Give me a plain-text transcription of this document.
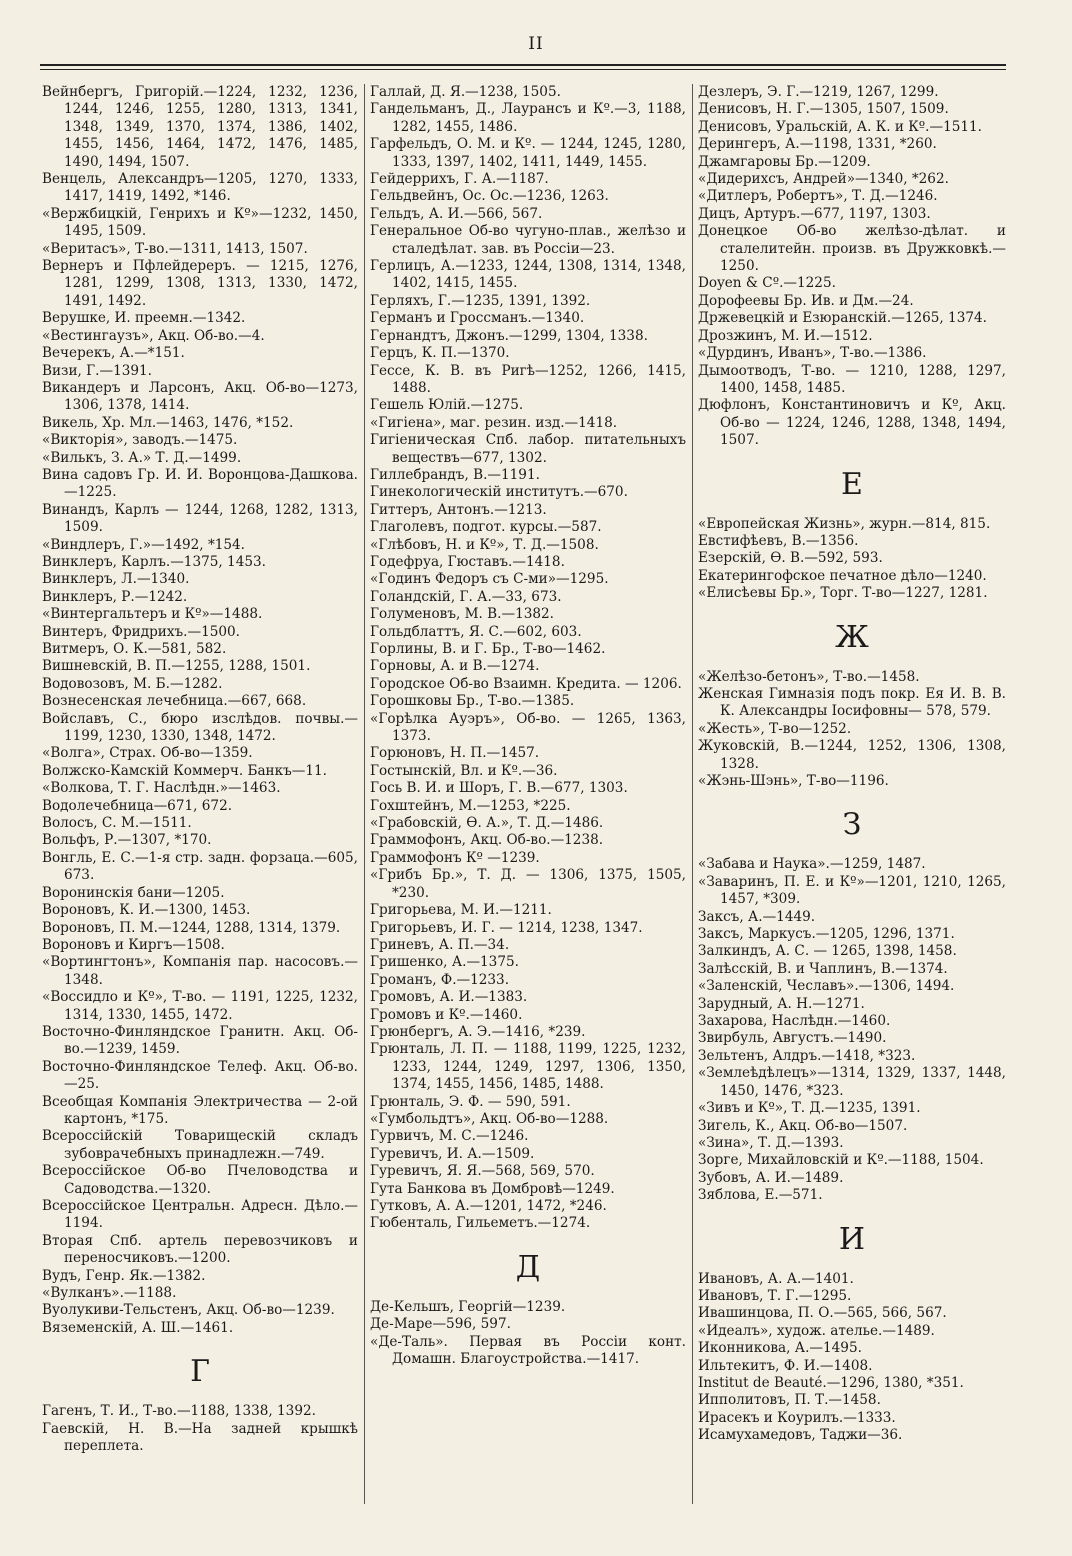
II
Вейнбергъ, Григорій.—1224, 1232, 1236, 1244, 1246, 1255, 1280, 1313, 1341, 1348, 1349, 1370, 1374, 1386, 1402, 1455, 1456, 1464, 1472, 1476, 1485, 1490, 1494, 1507.
Венцель, Александръ—1205, 1270, 1333, 1417, 1419, 1492, *146.
«Вержбицкій, Генрихъ и Кº»—1232, 1450, 1495, 1509.
«Веритасъ», Т-во.—1311, 1413, 1507.
Вернеръ и Пфлейдереръ. — 1215, 1276, 1281, 1299, 1308, 1313, 1330, 1472, 1491, 1492.
Верушке, И. преемн.—1342.
«Вестингаузъ», Акц. Об-во.—4.
Вечерекъ, А.—*151.
Визи, Г.—1391.
Викандеръ и Ларсонъ, Акц. Об-во—1273, 1306, 1378, 1414.
Викель, Хр. Мл.—1463, 1476, *152.
«Викторія», заводъ.—1475.
«Вилькъ, З. А.» Т. Д.—1499.
Вина садовъ Гр. И. И. Воронцова-Дашкова.—1225.
Винандъ, Карлъ — 1244, 1268, 1282, 1313, 1509.
«Виндлеръ, Г.»—1492, *154.
Винклеръ, Карлъ.—1375, 1453.
Винклеръ, Л.—1340.
Винклеръ, Р.—1242.
«Винтергальтеръ и Кº»—1488.
Винтеръ, Фридрихъ.—1500.
Витмеръ, О. К.—581, 582.
Вишневскій, В. П.—1255, 1288, 1501.
Водовозовъ, М. Б.—1282.
Вознесенская лечебница.—667, 668.
Войславъ, С., бюро изслѣдов. почвы.—1199, 1230, 1330, 1348, 1472.
«Волга», Страх. Об-во—1359.
Волжско-Камскій Коммерч. Банкъ—11.
«Волкова, Т. Г. Наслѣдн.»—1463.
Водолечебница—671, 672.
Волосъ, С. М.—1511.
Вольфъ, Р.—1307, *170.
Вонгль, Е. С.—1-я стр. задн. форзаца.—605, 673.
Воронинскія бани—1205.
Вороновъ, К. И.—1300, 1453.
Вороновъ, П. М.—1244, 1288, 1314, 1379.
Вороновъ и Киргъ—1508.
«Вортингтонъ», Компанія пар. насосовъ.—1348.
«Воссидло и Кº», Т-во. — 1191, 1225, 1232, 1314, 1330, 1455, 1472.
Восточно-Финляндское Гранитн. Акц. Об-во.—1239, 1459.
Восточно-Финляндское Телеф. Акц. Об-во.—25.
Всеобщая Компанія Электричества — 2-ой картонъ, *175.
Всероссійскій Товарищескій складъ зубоврачебныхъ принадлежн.—749.
Всероссійское Об-во Пчеловодства и Садоводства.—1320.
Всероссійское Центральн. Адресн. Дѣло.—1194.
Вторая Спб. артель перевозчиковъ и переносчиковъ.—1200.
Вудъ, Генр. Як.—1382.
«Вулканъ».—1188.
Вуолукиви-Тельстенъ, Акц. Об-во—1239.
Вяземенскій, А. Ш.—1461.
Г
Гагенъ, Т. И., Т-во.—1188, 1338, 1392.
Гаевскій, Н. В.—На задней крышкѣ переплета.
Галлай, Д. Я.—1238, 1505.
Гандельманъ, Д., Лаурансъ и Кº.—3, 1188, 1282, 1455, 1486.
Гарфельдъ, О. М. и Кº. — 1244, 1245, 1280, 1333, 1397, 1402, 1411, 1449, 1455.
Гейдеррихъ, Г. А.—1187.
Гельдвейнъ, Ос. Ос.—1236, 1263.
Гельдъ, А. И.—566, 567.
Генеральное Об-во чугуно-плав., желѣзо и сталедѣлат. зав. въ Россіи—23.
Герлицъ, А.—1233, 1244, 1308, 1314, 1348, 1402, 1415, 1455.
Герляхъ, Г.—1235, 1391, 1392.
Германъ и Гроссманъ.—1340.
Гернандтъ, Джонъ.—1299, 1304, 1338.
Герцъ, К. П.—1370.
Гессе, К. В. въ Ригѣ—1252, 1266, 1415, 1488.
Гешель Юлій.—1275.
«Гигіена», маг. резин. изд.—1418.
Гигіеническая Спб. лабор. питательныхъ веществъ—677, 1302.
Гиллебрандъ, В.—1191.
Гинекологическій институтъ.—670.
Гиттеръ, Антонъ.—1213.
Глаголевъ, подгот. курсы.—587.
«Глѣбовъ, Н. и Кº», Т. Д.—1508.
Годефруа, Гюставъ.—1418.
«Годинъ Федоръ съ С-ми»—1295.
Голандскій, Г. А.—33, 673.
Голуменовъ, М. В.—1382.
Гольдблаттъ, Я. С.—602, 603.
Горлины, В. и Г. Бр., Т-во—1462.
Горновы, А. и В.—1274.
Городское Об-во Взаимн. Кредита. — 1206.
Горошковы Бр., Т-во.—1385.
«Горѣлка Ауэръ», Об-во. — 1265, 1363, 1373.
Горюновъ, Н. П.—1457.
Гостынскій, Вл. и Кº.—36.
Гось В. И. и Шоръ, Г. В.—677, 1303.
Гохштейнъ, М.—1253, *225.
«Грабовскій, Ѳ. А.», Т. Д.—1486.
Граммофонъ, Акц. Об-во.—1238.
Граммофонъ Кº —1239.
«Грибъ Бр.», Т. Д. — 1306, 1375, 1505, *230.
Григорьева, М. И.—1211.
Григорьевъ, И. Г. — 1214, 1238, 1347.
Гриневъ, А. П.—34.
Гришенко, А.—1375.
Громанъ, Ф.—1233.
Громовъ, А. И.—1383.
Громовъ и Кº.—1460.
Грюнбергъ, А. Э.—1416, *239.
Грюнталь, Л. П. — 1188, 1199, 1225, 1232, 1233, 1244, 1249, 1297, 1306, 1350, 1374, 1455, 1456, 1485, 1488.
Грюнталь, Э. Ф. — 590, 591.
«Гумбольдтъ», Акц. Об-во—1288.
Гурвичъ, М. С.—1246.
Гуревичъ, И. А.—1509.
Гуревичъ, Я. Я.—568, 569, 570.
Гута Банкова въ Домбровѣ—1249.
Гутковъ, А. А.—1201, 1472, *246.
Гюбенталь, Гильеметъ.—1274.
Д
Де-Кельшъ, Георгій—1239.
Де-Маре—596, 597.
«Де-Таль». Первая въ Россіи конт. Домашн. Благоустройства.—1417.
Дезлеръ, Э. Г.—1219, 1267, 1299.
Денисовъ, Н. Г.—1305, 1507, 1509.
Денисовъ, Уральскій, А. К. и Кº.—1511.
Дерингеръ, А.—1198, 1331, *260.
Джамгаровы Бр.—1209.
«Дидерихсъ, Андрей»—1340, *262.
«Дитлеръ, Робертъ», Т. Д.—1246.
Дицъ, Артуръ.—677, 1197, 1303.
Донецкое Об-во желѣзо-дѣлат. и сталелитейн. произв. въ Дружковкѣ.—1250.
Doyen & Cº.—1225.
Дорофеевы Бр. Ив. и Дм.—24.
Држевецкій и Езюранскій.—1265, 1374.
Дрозжинъ, М. И.—1512.
«Дурдинъ, Иванъ», Т-во.—1386.
Дымоотводъ, Т-во. — 1210, 1288, 1297, 1400, 1458, 1485.
Дюфлонъ, Константиновичъ и Кº, Акц. Об-во — 1224, 1246, 1288, 1348, 1494, 1507.
Е
«Европейская Жизнь», журн.—814, 815.
Евстифѣевъ, В.—1356.
Езерскій, Ѳ. В.—592, 593.
Екатерингофское печатное дѣло—1240.
«Елисѣевы Бр.», Торг. Т-во—1227, 1281.
Ж
«Желѣзо-бетонъ», Т-во.—1458.
Женская Гимназія подъ покр. Ея И. В. В. К. Александры Іосифовны— 578, 579.
«Жесть», Т-во—1252.
Жуковскій, В.—1244, 1252, 1306, 1308, 1328.
«Жэнь-Шэнь», Т-во—1196.
З
«Забава и Наука».—1259, 1487.
«Заваринъ, П. Е. и Кº»—1201, 1210, 1265, 1457, *309.
Заксъ, А.—1449.
Заксъ, Маркусъ.—1205, 1296, 1371.
Залкиндъ, А. С. — 1265, 1398, 1458.
Залѣсскій, В. и Чаплинъ, В.—1374.
«Заленскій, Чеславъ».—1306, 1494.
Зарудный, А. Н.—1271.
Захарова, Наслѣдн.—1460.
Звирбуль, Августъ.—1490.
Зельтенъ, Алдръ.—1418, *323.
«Землеѣдѣлецъ»—1314, 1329, 1337, 1448, 1450, 1476, *323.
«Зивъ и Кº», Т. Д.—1235, 1391.
Зигель, К., Акц. Об-во—1507.
«Зина», Т. Д.—1393.
Зорге, Михайловскій и Кº.—1188, 1504.
Зубовъ, А. И.—1489.
Зяблова, Е.—571.
И
Ивановъ, А. А.—1401.
Ивановъ, Т. Г.—1295.
Ивашинцова, П. О.—565, 566, 567.
«Идеалъ», худож. ателье.—1489.
Иконникова, А.—1495.
Ильтекитъ, Ф. И.—1408.
Institut de Beauté.—1296, 1380, *351.
Ипполитовъ, П. Т.—1458.
Ирасекъ и Коурилъ.—1333.
Исамухамедовъ, Таджи—36.
